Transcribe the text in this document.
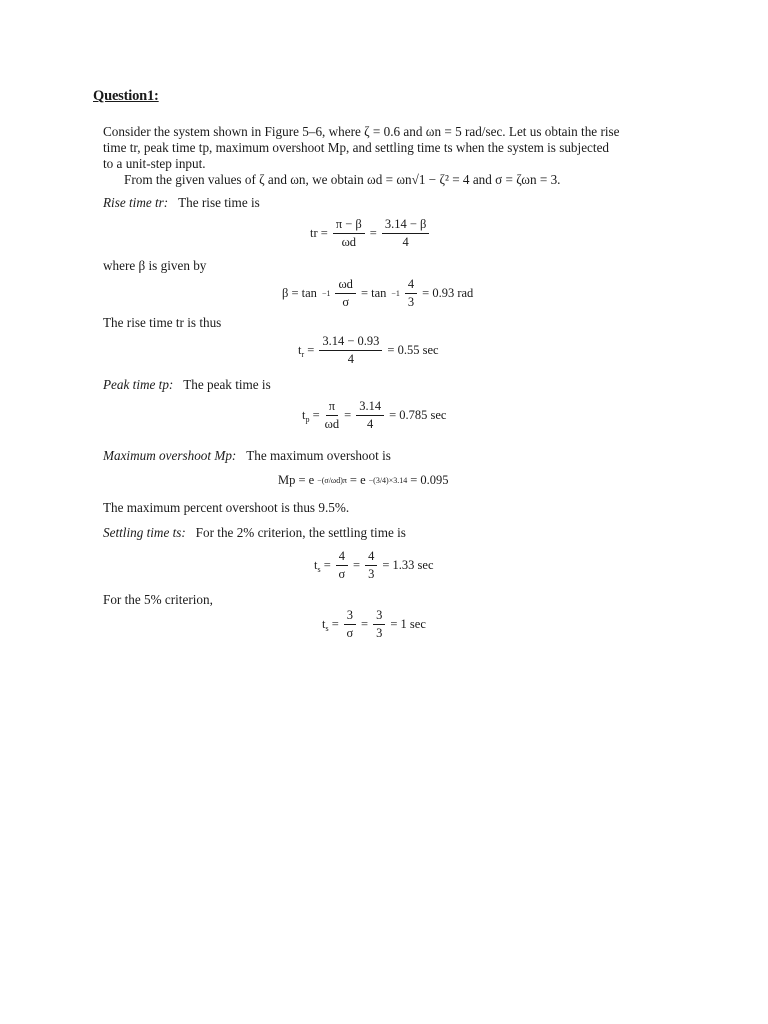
Question1:
Consider the system shown in Figure 5–6, where ζ = 0.6 and ωn = 5 rad/sec. Let us obtain the rise
time tr, peak time tp, maximum overshoot Mp, and settling time ts when the system is subjected
to a unit-step input.
From the given values of ζ and ωn, we obtain ωd = ωn√1 − ζ² = 4 and σ = ζωn = 3.
Rise time tr: The rise time is
tr = $\frac{\pi - \beta}{\omega d} = \frac{3.14 - \beta}{4}$
where β is given by
$\beta = \tan -1 \frac{\omega d}{\sigma} = \tan -1 \frac{4}{3} = 0.93$ rad
The rise time tr is thus
$t_r = \frac{3.14 - 0.93}{4} = 0.55$ sec
Peak time tp: The peak time is
$t_p = \frac{\pi}{\omega d} = \frac{3.14}{4} = 0.785$ sec
Maximum overshoot Mp: The maximum overshoot is
Mp = e −(σ/ωd)π = e −(3/4)×3.14 = 0.095
The maximum percent overshoot is thus 9.5%.
Settling time ts: For the 2% criterion, the settling time is
$t_s = \frac{4}{\sigma} = \frac{4}{3} = 1.33$ sec
For the 5% criterion,
$t_s = \frac{3}{\sigma} = \frac{3}{3} = 1$ sec
